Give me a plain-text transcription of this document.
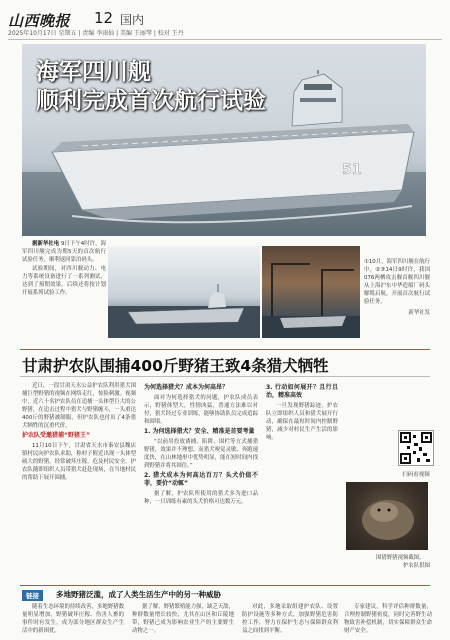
山西晚报 12 国内
2025年10月17日 星期五 | 责编 李雨仙 | 美编 王丽琴 | 校对 王丹
51
海军四川舰
顺利完成首次航行试验

据新华社电 9日下午4时许，海军四川舰完成为期5天的首次航行试验任务，顺利返回靠泊码头。

试验期间，对四川舰动力、电力等系统设备进行了一系列测试，达到了预期效果。后续还将按计划开展系列试验工作。

①10月，海军四川舰在航行中。②③14日9时许，我国076两栖攻击舰首舰四川舰从上海沪东中华造船厂码头解缆启航，开展首次航行试验任务。
新华社发
甘肃护农队围捕400斤野猪王致4条猎犬牺牲

近日，一段甘肃天水公益护农队利用猎犬围捕巨型野猪的视频在网络走红，惊险刺激。视频中，近六十名护农队员在追捕一头体型巨大的公野猪，在追击过程中猎犬与野猪缠斗，一头重达400斤的野猪被制服，但护农队也付出了4条猎犬牺牲的沉重代价。

护农队受邀猎捕“野猪王”

11月10日下午，甘肃省天水市秦安县魏店镇村民向护农队求助，称村子附近出现一头体型硕大的野猪，经常破坏庄稼，危及村民安全。护农队随即组织人员带猎犬赶赴现场，在当地村民的帮助下展开围捕。

为何选择猎犬？成本为何高昂？

面对为何选择猎犬的问题，护农队成员表示，野猪体型大，性情凶猛，普通方法难以对付，猎犬经过专业训练，能够协助队员完成追踪和围堵。

1. 为何选择猎犬？安全、精准是首要考量

“以前用投放诱捕、陷阱、围栏等方式捕猎野猪，效果并不理想。而猎犬嗅觉灵敏、奔跑速度快，在山林地形中优势明显，能在短时间内找到野猪并将其围住。”

2. 猎犬成本为何高达百万？头犬价值不菲，要价“动辄”

据了解，护农队所使用的猎犬多为进口品种，一只训练有素的头犬价格可达数万元。

3. 行动如何展开？且行且治，精准高效

一旦发现野猪踪迹，护农队立即组织人员和猎犬展开行动，确保在最短时间内控制野猪，减少对村民生产生活的影响。

扫码看视频
围猎野猪视频截图。
护农队供图
链接	多地野猪泛滥，成了人类生活生产中的另一种威胁

随着生态环境的持续改善，多地野猪数量明显增加，野猪破坏庄稼、伤害人畜的事件时有发生，成为部分地区群众生产生活中的新困扰。

据了解，野猪繁殖能力强，缺乏天敌，种群数量增长较快，尤其在山区和丘陵地带，野猪已成为影响农业生产的主要野生动物之一。

对此，多地采取组建护农队、设置防护设施等多种方式，加强野猪危害防控工作，努力在保护生态与保障群众利益之间找到平衡。

专家建议，科学评估种群数量，合理控制野猪密度，同时完善野生动物致害补偿机制，切实保障群众生命财产安全。
